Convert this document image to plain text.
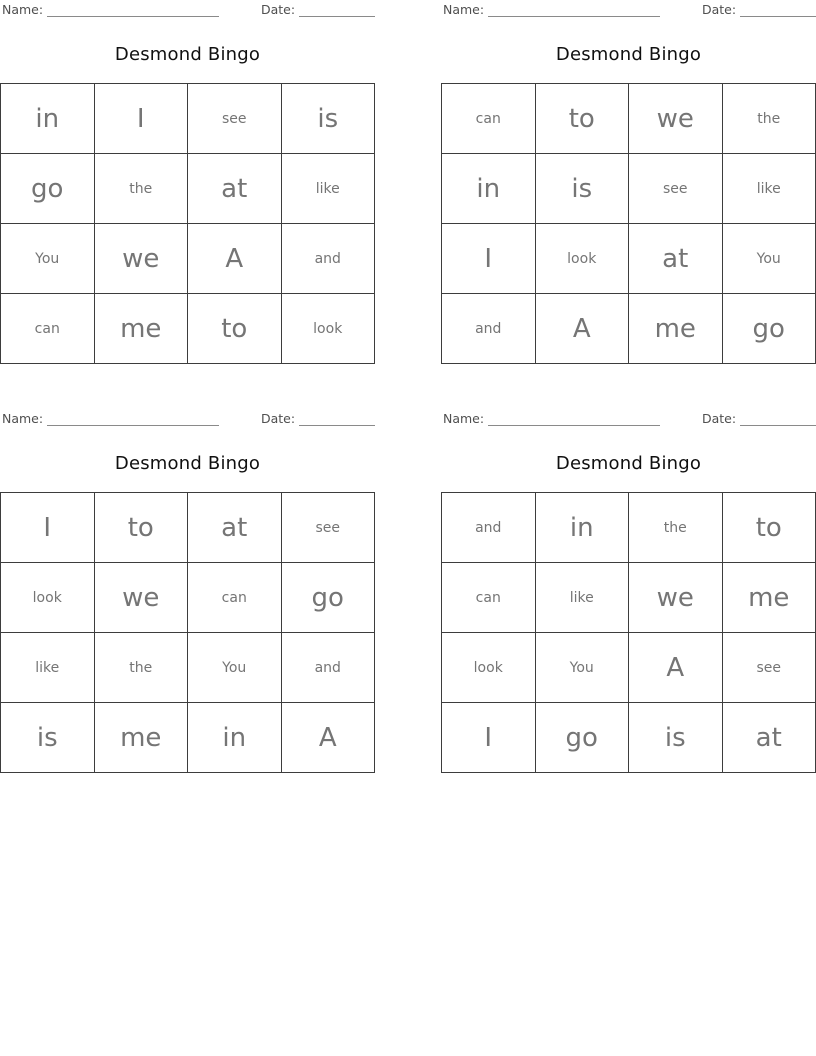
Name:	Date:
Desmond Bingo
in	I	see	is
go	the	at	like
You	we	A	and
can	me	to	look
Name:	Date:
Desmond Bingo
can	to	we	the
in	is	see	like
I	look	at	You
and	A	me	go
Name:	Date:
Desmond Bingo
I	to	at	see
look	we	can	go
like	the	You	and
is	me	in	A
Name:	Date:
Desmond Bingo
and	in	the	to
can	like	we	me
look	You	A	see
I	go	is	at
